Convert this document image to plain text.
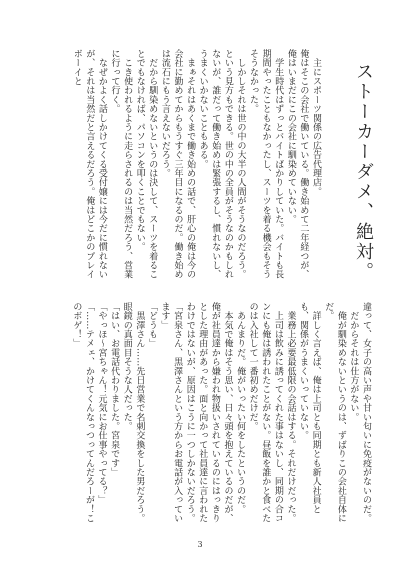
ストーカーダメ、絶対。

　主にスポーツ関係の広告代理店。

俺はそこの会社で働いている。働き始めて二年経つが、俺はいまだにこの会社に馴染めていない。

　学生時代はずっとバイトばかりしていた。バイトも長期間やったこともなかったし、スーツを着る機会もそうそうなかった。

　しかしそれは世の中の大半の人間がそうなのだろう。という見方もできる。世の中の全員がそうなのかもしれないが、誰だって働き始めは緊張するし、慣れないし、うまくいかないこともある。

　まぁそれはあくまで働き始めの話で、肝心の俺は今の会社に勤めてからもうすぐ三年目になるのだ。働き始めは流石にもう言えないだろう。

　だから馴染めないというのは決して、スーツを着ることでもなければ、パソコンを叩くことでもない。

　こき使われるように走らされるのは当然だろう、営業に行って行く。

　なぜかよく話しかけてくる受付嬢には今だに慣れないが、それは当然だと言えるだろう。俺はどこかのプレイボーイと

違って、女子の高い声や甘い匂いに免疫がないのだ。

　だからそれは仕方がない。

　俺が馴染めないというのは、ずばりこの会社自体にだ。

　詳しく言えば、俺は上司とも同期とも新人社員とも、関係がうまくいっていない。

　業務上必要最低限の会話はする。それだけだった。

　上司は飲みに誘ってくれた事はないし、同期の合コンにも俺は誘われたことがない。昼飯を誰かと食べたのは入社して一番初めだけだ。

　あんまりだ。俺がいったい何をしたというのだ。

　本気で俺はそう思い、日々頭を抱えているのだが、俺が社員達から嫌われ物扱いされているのにはっきりとした理由があった。面と向かって社員達に言われたわけではないが、原因はこうに一つしかないだろう。

「宮泉さん、黒澤さんという方からお電話が入っています」

「どうも」

　黒澤さん……先日営業で名刺交換をした男だろう。眼鏡の真面目そうな人だった。

「はい、お電話代わりました。宮泉です」

「やっほ～宮ちゃん！元気にお仕事やってる？」

「……テメェ、かけてくんなっつってんだろーが！このボゲ！」

3
